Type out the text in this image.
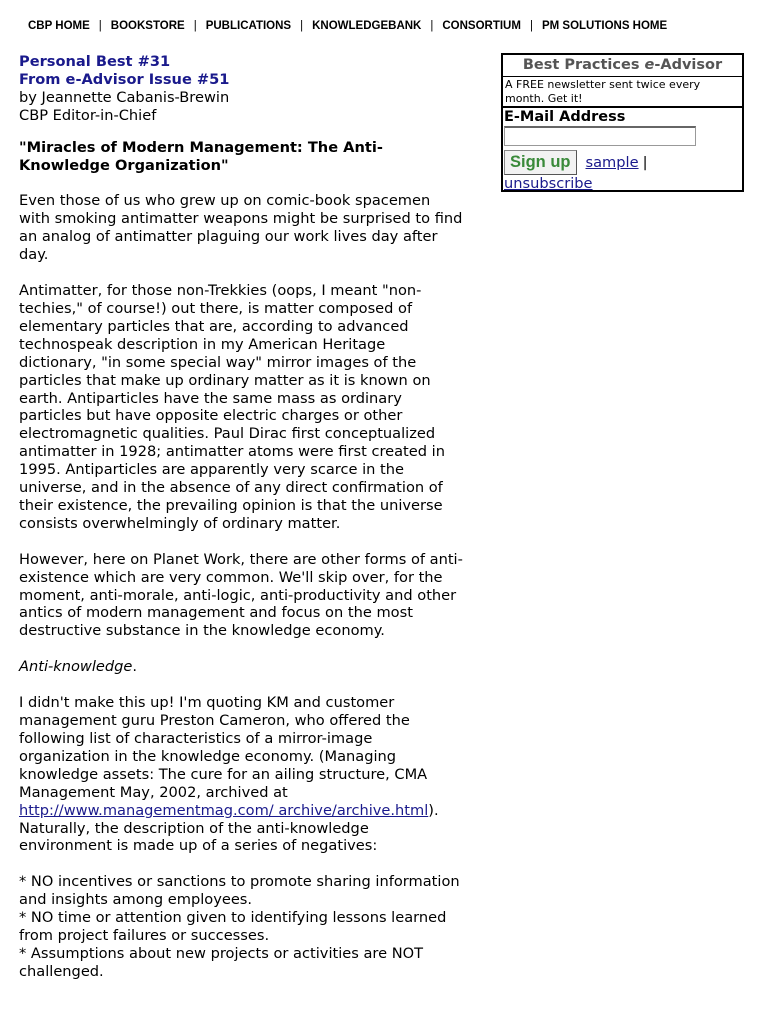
CBP HOME | BOOKSTORE | PUBLICATIONS | KNOWLEDGEBANK | CONSORTIUM | PM SOLUTIONS HOME
Personal Best #31
From e-Advisor Issue #51
by Jeannette Cabanis-Brewin
CBP Editor-in-Chief

"Miracles of Modern Management: The Anti-Knowledge Organization"

Even those of us who grew up on comic-book spacemen with smoking antimatter weapons might be surprised to find an analog of antimatter plaguing our work lives day after day.

Antimatter, for those non-Trekkies (oops, I meant "non-techies," of course!) out there, is matter composed of elementary particles that are, according to advanced technospeak description in my American Heritage dictionary, "in some special way" mirror images of the particles that make up ordinary matter as it is known on earth. Antiparticles have the same mass as ordinary particles but have opposite electric charges or other electromagnetic qualities. Paul Dirac first conceptualized antimatter in 1928; antimatter atoms were first created in 1995. Antiparticles are apparently very scarce in the universe, and in the absence of any direct confirmation of their existence, the prevailing opinion is that the universe consists overwhelmingly of ordinary matter.

However, here on Planet Work, there are other forms of anti-existence which are very common. We'll skip over, for the moment, anti-morale, anti-logic, anti-productivity and other antics of modern management and focus on the most destructive substance in the knowledge economy.

Anti-knowledge.

I didn't make this up! I'm quoting KM and customer management guru Preston Cameron, who offered the following list of characteristics of a mirror-image organization in the knowledge economy. (Managing knowledge assets: The cure for an ailing structure, CMA Management May, 2002, archived at http://www.managementmag.com/ archive/archive.html). Naturally, the description of the anti-knowledge environment is made up of a series of negatives:

* NO incentives or sanctions to promote sharing information and insights among employees.
* NO time or attention given to identifying lessons learned from project failures or successes.
* Assumptions about new projects or activities are NOT challenged.
Best Practices e-Advisor
A FREE newsletter sent twice every month. Get it!
E-Mail Address
Sign up	sample |
unsubscribe
